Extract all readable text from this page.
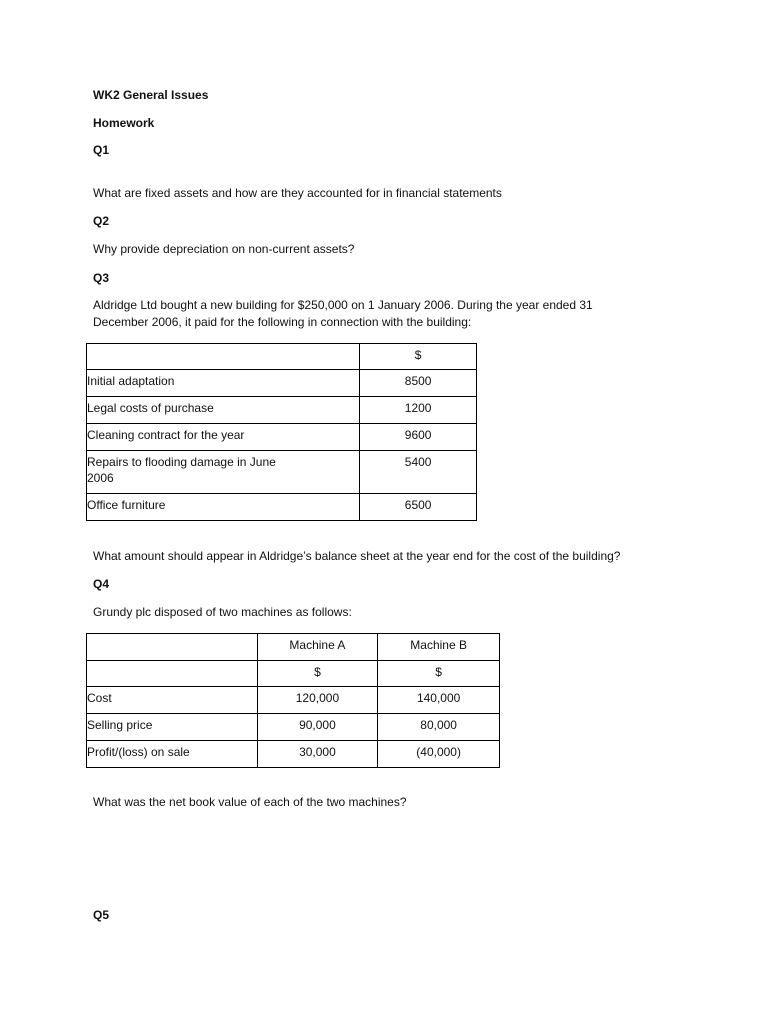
WK2 General Issues
Homework
Q1
What are fixed assets and how are they accounted for in financial statements
Q2
Why provide depreciation on non-current assets?
Q3
Aldridge Ltd bought a new building for $250,000 on 1 January 2006. During the year ended 31
December 2006, it paid for the following in connection with the building:

	$

Initial adaptation	8500

Legal costs of purchase	1200

Cleaning contract for the year	9600

Repairs to flooding damage in June
2006	5400

Office furniture	6500
What amount should appear in Aldridge’s balance sheet at the year end for the cost of the building?
Q4
Grundy plc disposed of two machines as follows:

	Machine A	Machine B

	$	$

Cost	120,000	140,000

Selling price	90,000	80,000

Profit/(loss) on sale	30,000	(40,000)
What was the net book value of each of the two machines?
Q5
